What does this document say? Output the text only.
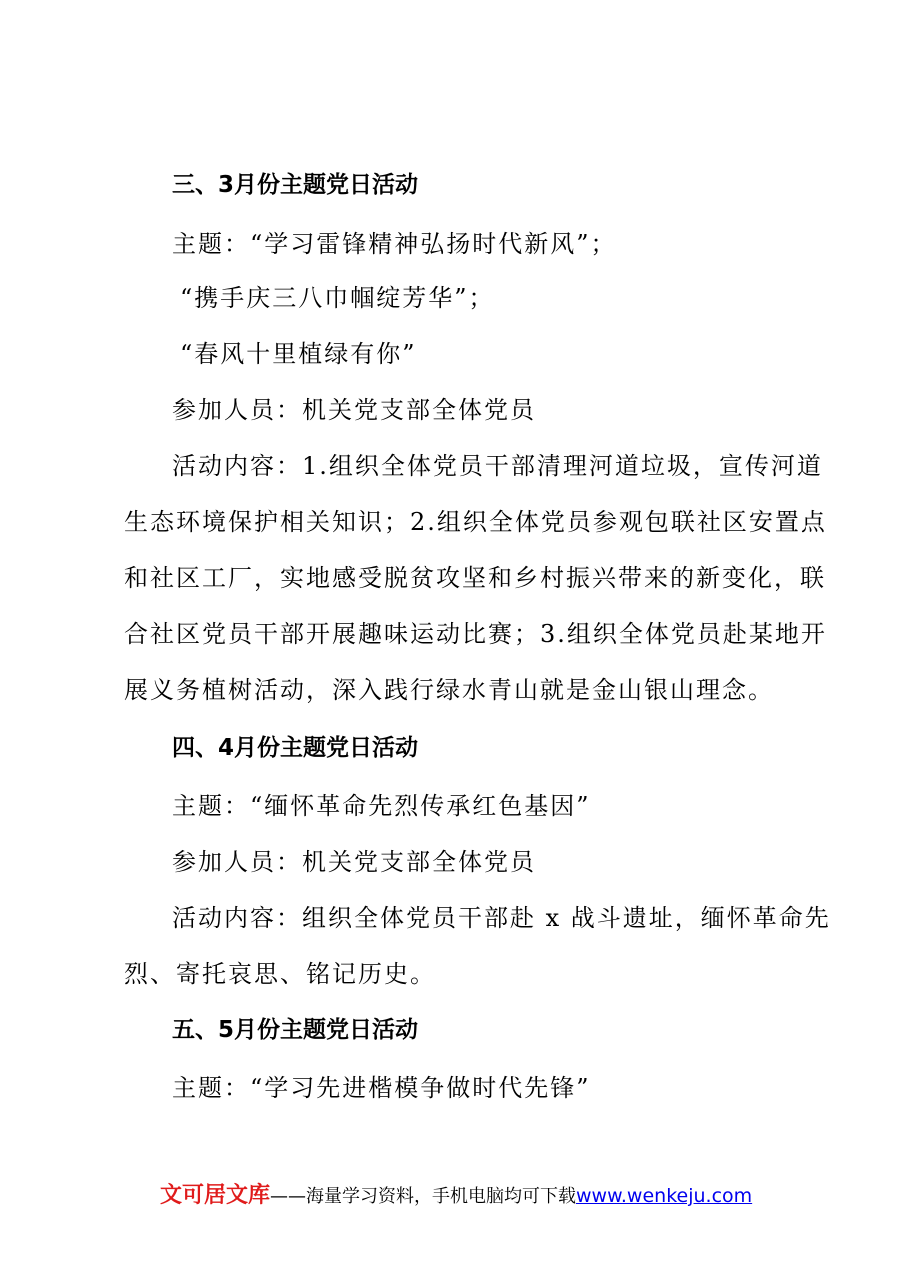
三、3月份主题党日活动
主题：“学习雷锋精神弘扬时代新风”；
“携手庆三八巾帼绽芳华”；
“春风十里植绿有你”
参加人员：机关党支部全体党员
活动内容：1.组织全体党员干部清理河道垃圾，宣传河道
生态环境保护相关知识；2.组织全体党员参观包联社区安置点
和社区工厂，实地感受脱贫攻坚和乡村振兴带来的新变化，联
合社区党员干部开展趣味运动比赛；3.组织全体党员赴某地开
展义务植树活动，深入践行绿水青山就是金山银山理念。
四、4月份主题党日活动
主题：“缅怀革命先烈传承红色基因”
参加人员：机关党支部全体党员
活动内容：组织全体党员干部赴 x 战斗遗址，缅怀革命先
烈、寄托哀思、铭记历史。
五、5月份主题党日活动
主题：“学习先进楷模争做时代先锋”
文可居文库——海量学习资料，手机电脑均可下载www.wenkeju.com
